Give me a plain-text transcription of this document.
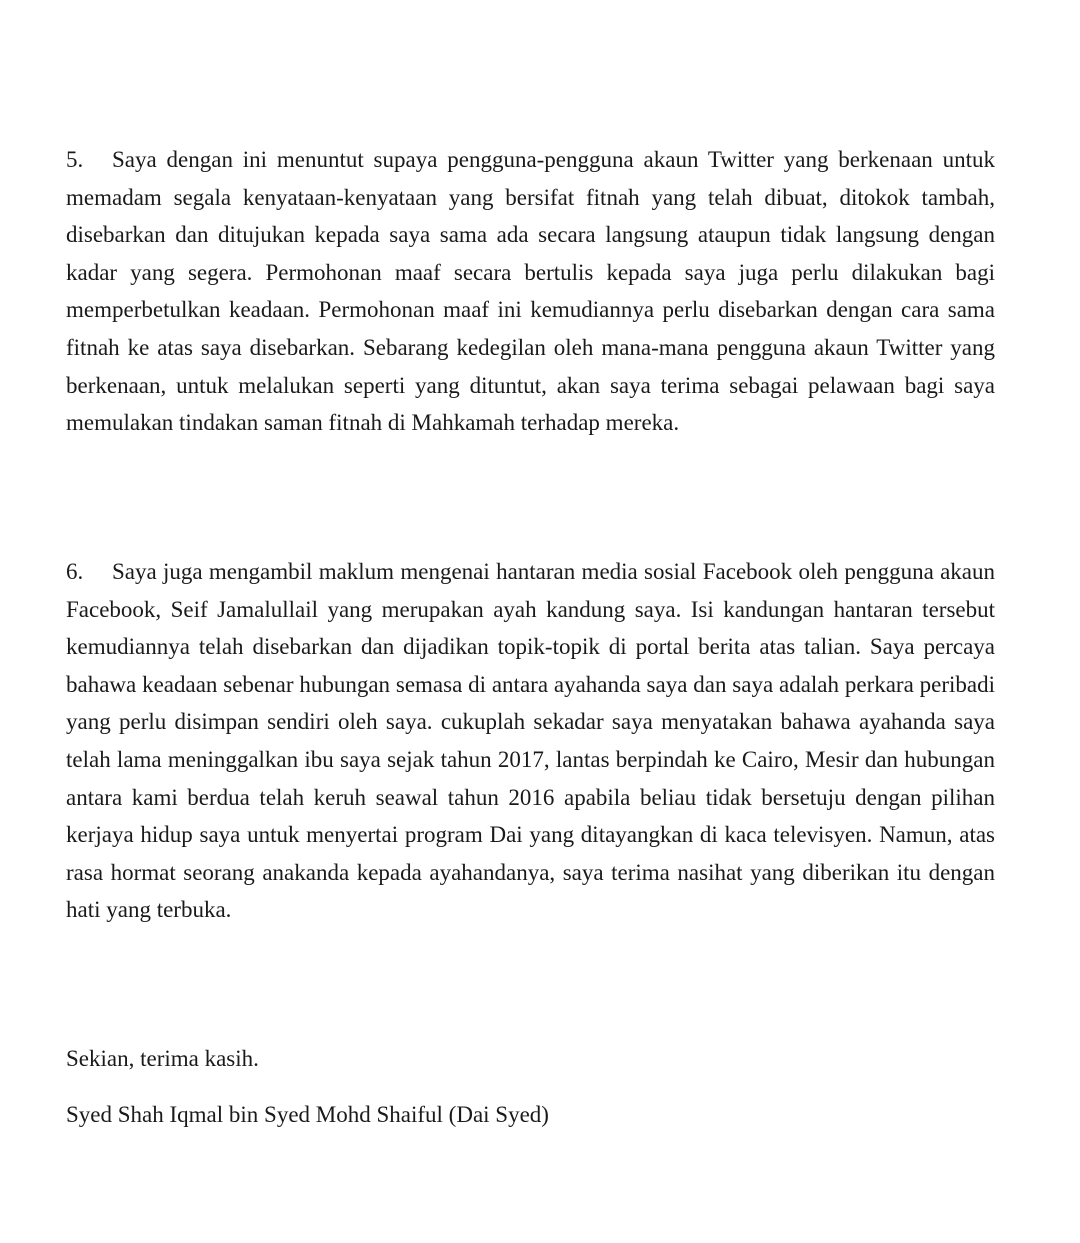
5. Saya dengan ini menuntut supaya pengguna-pengguna akaun Twitter yang berkenaan untuk memadam segala kenyataan-kenyataan yang bersifat fitnah yang telah dibuat, ditokok tambah, disebarkan dan ditujukan kepada saya sama ada secara langsung ataupun tidak langsung dengan kadar yang segera. Permohonan maaf secara bertulis kepada saya juga perlu dilakukan bagi memperbetulkan keadaan. Permohonan maaf ini kemudiannya perlu disebarkan dengan cara sama fitnah ke atas saya disebarkan. Sebarang kedegilan oleh mana-mana pengguna akaun Twitter yang berkenaan, untuk melalukan seperti yang dituntut, akan saya terima sebagai pelawaan bagi saya memulakan tindakan saman fitnah di Mahkamah terhadap mereka.

6. Saya juga mengambil maklum mengenai hantaran media sosial Facebook oleh pengguna akaun Facebook, Seif Jamalullail yang merupakan ayah kandung saya. Isi kandungan hantaran tersebut kemudiannya telah disebarkan dan dijadikan topik-topik di portal berita atas talian. Saya percaya bahawa keadaan sebenar hubungan semasa di antara ayahanda saya dan saya adalah perkara peribadi yang perlu disimpan sendiri oleh saya. cukuplah sekadar saya menyatakan bahawa ayahanda saya telah lama meninggalkan ibu saya sejak tahun 2017, lantas berpindah ke Cairo, Mesir dan hubungan antara kami berdua telah keruh seawal tahun 2016 apabila beliau tidak bersetuju dengan pilihan kerjaya hidup saya untuk menyertai program Dai yang ditayangkan di kaca televisyen. Namun, atas rasa hormat seorang anakanda kepada ayahandanya, saya terima nasihat yang diberikan itu dengan hati yang terbuka.

Sekian, terima kasih.
Syed Shah Iqmal bin Syed Mohd Shaiful (Dai Syed)
